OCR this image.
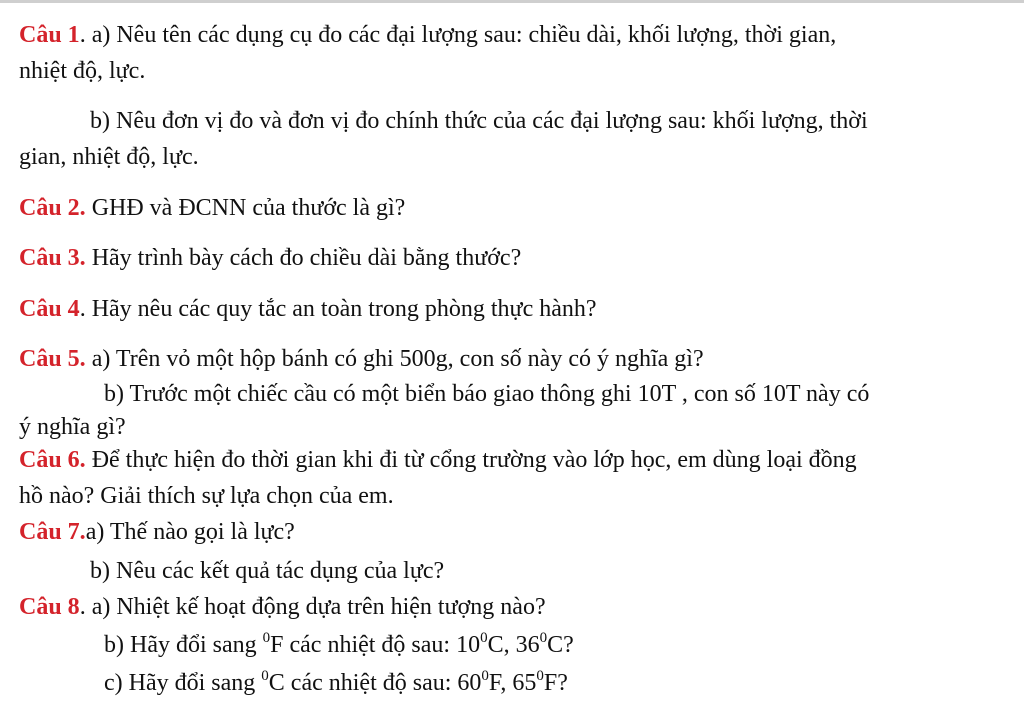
Câu 1. a) Nêu tên các dụng cụ đo các đại lượng sau: chiều dài, khối lượng, thời gian,
nhiệt độ, lực.
b) Nêu đơn vị đo và đơn vị đo chính thức của các đại lượng sau: khối lượng, thời
gian, nhiệt độ, lực.
Câu 2. GHĐ và ĐCNN của thước là gì?
Câu 3. Hãy trình bày cách đo chiều dài bằng thước?
Câu 4. Hãy nêu các quy tắc an toàn trong phòng thực hành?
Câu 5. a) Trên vỏ một hộp bánh có ghi 500g, con số này có ý nghĩa gì?
b) Trước một chiếc cầu có một biển báo giao thông ghi 10T , con số 10T này có
ý nghĩa gì?
Câu 6. Để thực hiện đo thời gian khi đi từ cổng trường vào lớp học, em dùng loại đồng
hồ nào? Giải thích sự lựa chọn của em.
Câu 7.a) Thế nào gọi là lực?
b) Nêu các kết quả tác dụng của lực?
Câu 8. a) Nhiệt kế hoạt động dựa trên hiện tượng nào?
b) Hãy đổi sang $^0$F các nhiệt độ sau: $10^0C$, $36^0C$?
c) Hãy đổi sang $^0$C các nhiệt độ sau: $60^0F$, $65^0F$?
